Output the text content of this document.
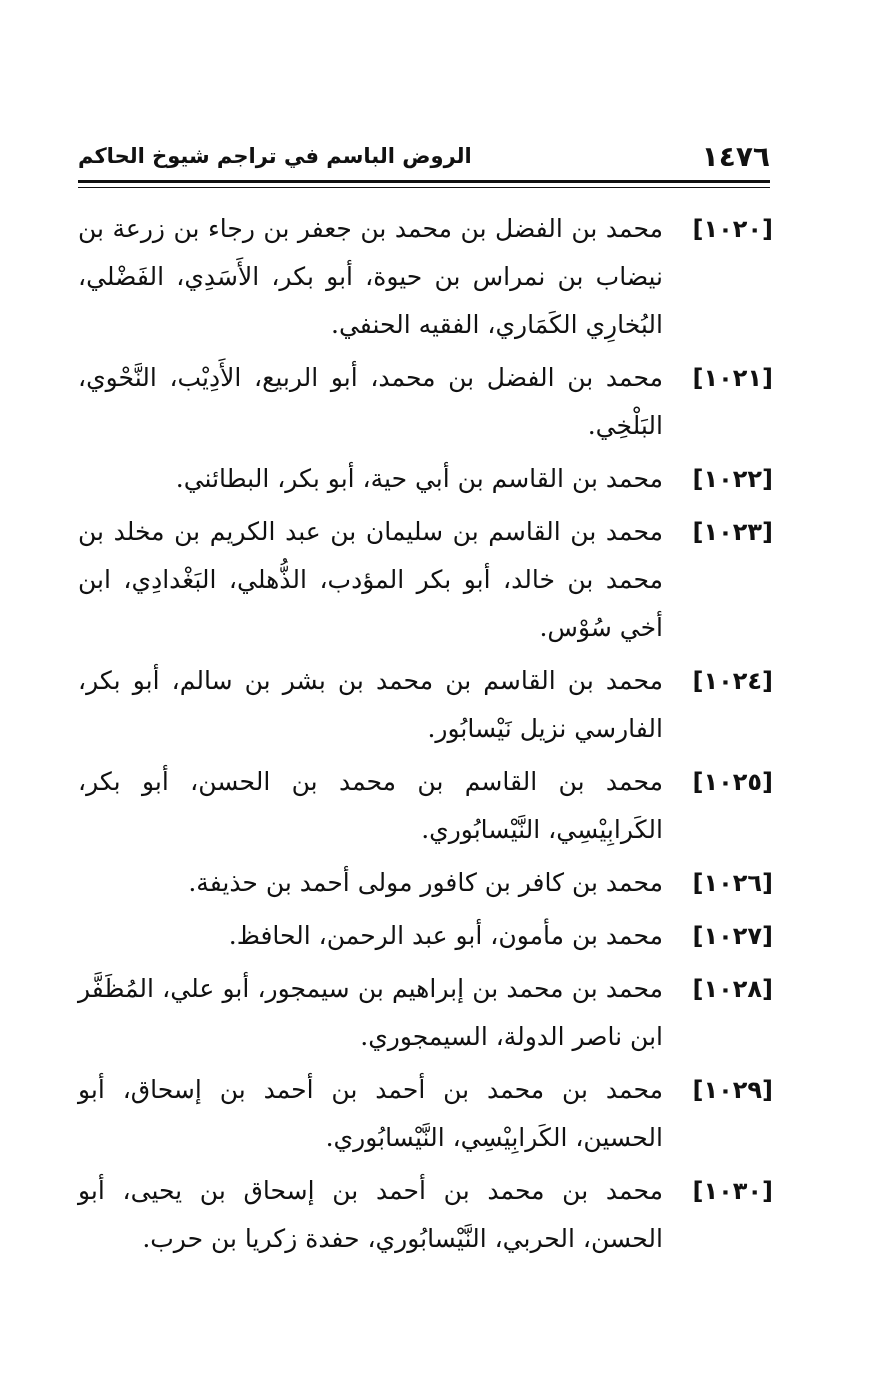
١٤٧٦
الروض الباسم في تراجم شيوخ الحاكم
[١٠٢٠]
محمد بن الفضل بن محمد بن جعفر بن رجاء بن زرعة بن نيضاب بن نمراس بن حيوة، أبو بكر، الأَسَدِي، الفَضْلي، البُخارِي الكَمَاري، الفقيه الحنفي.
[١٠٢١]
محمد بن الفضل بن محمد، أبو الربيع، الأَدِيْب، النَّحْوي، البَلْخِي.
[١٠٢٢]
محمد بن القاسم بن أبي حية، أبو بكر، البطائني.
[١٠٢٣]
محمد بن القاسم بن سليمان بن عبد الكريم بن مخلد بن محمد بن خالد، أبو بكر المؤدب، الذُّهلي، البَغْدادِي، ابن أخي سُوْس.
[١٠٢٤]
محمد بن القاسم بن محمد بن بشر بن سالم، أبو بكر، الفارسي نزيل نَيْسابُور.
[١٠٢٥]
محمد بن القاسم بن محمد بن الحسن، أبو بكر، الكَرابِيْسِي، النَّيْسابُوري.
[١٠٢٦]
محمد بن كافر بن كافور مولى أحمد بن حذيفة.
[١٠٢٧]
محمد بن مأمون، أبو عبد الرحمن، الحافظ.
[١٠٢٨]
محمد بن محمد بن إبراهيم بن سيمجور، أبو علي، المُظَفَّر ابن ناصر الدولة، السيمجوري.
[١٠٢٩]
محمد بن محمد بن أحمد بن أحمد بن إسحاق، أبو الحسين، الكَرابِيْسِي، النَّيْسابُوري.
[١٠٣٠]
محمد بن محمد بن أحمد بن إسحاق بن يحيى، أبو الحسن، الحربي، النَّيْسابُوري، حفدة زكريا بن حرب.
